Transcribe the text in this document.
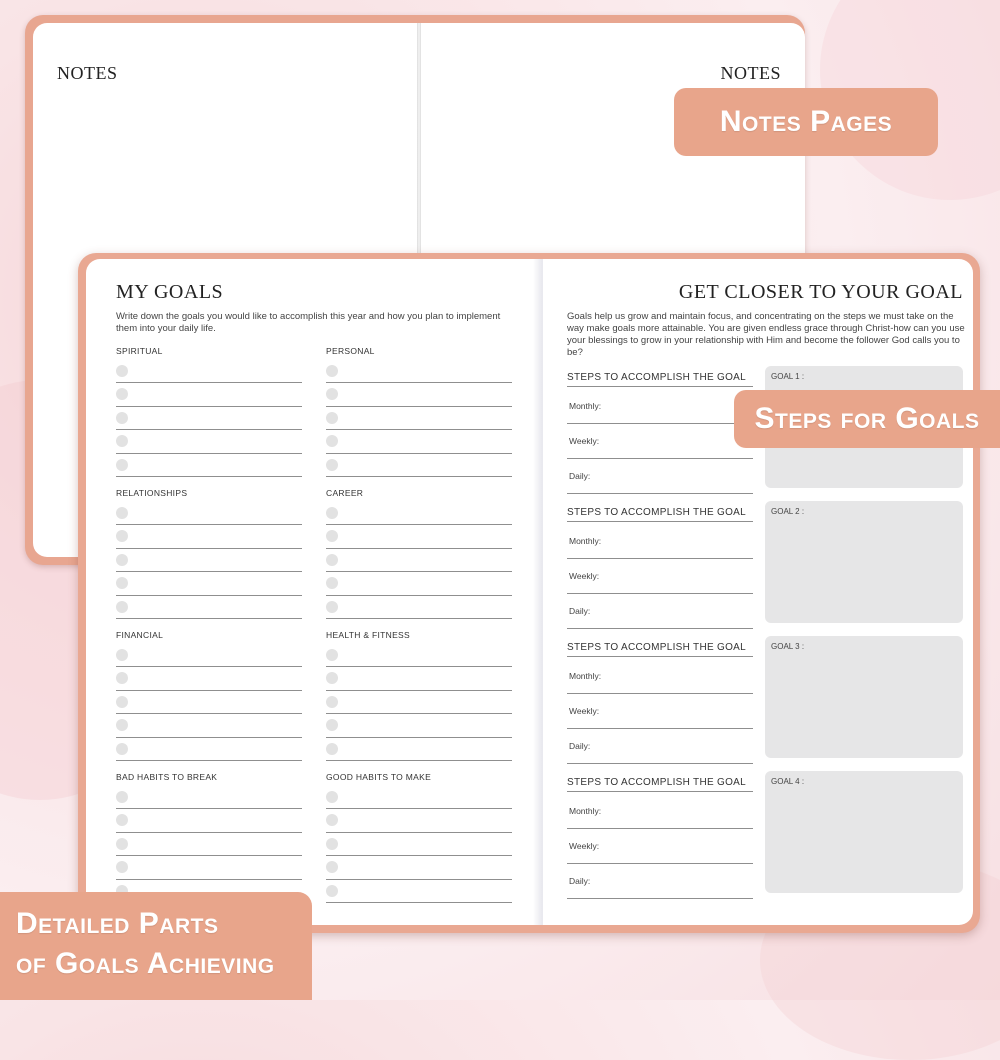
NOTES	NOTES
MY GOALS
Write down the goals you would like to accomplish this year and how you plan to implement them into your daily life.
SPIRITUAL	PERSONAL
RELATIONSHIPS	CAREER
FINANCIAL	HEALTH & FITNESS
BAD HABITS TO BREAK	GOOD HABITS TO MAKE
GET CLOSER TO YOUR GOAL
Goals help us grow and maintain focus, and concentrating on the steps we must take on the way make goals more attainable. You are given endless grace through Christ-how can you use your blessings to grow in your relationship with Him and become the follower God calls you to be?
STEPS TO ACCOMPLISH THE GOAL
Monthly:
Weekly:
Daily:
GOAL 1 :
STEPS TO ACCOMPLISH THE GOAL
Monthly:
Weekly:
Daily:
GOAL 2 :
STEPS TO ACCOMPLISH THE GOAL
Monthly:
Weekly:
Daily:
GOAL 3 :
STEPS TO ACCOMPLISH THE GOAL
Monthly:
Weekly:
Daily:
GOAL 4 :
Notes Pages
Steps for Goals
Detailed Parts
of Goals Achieving
